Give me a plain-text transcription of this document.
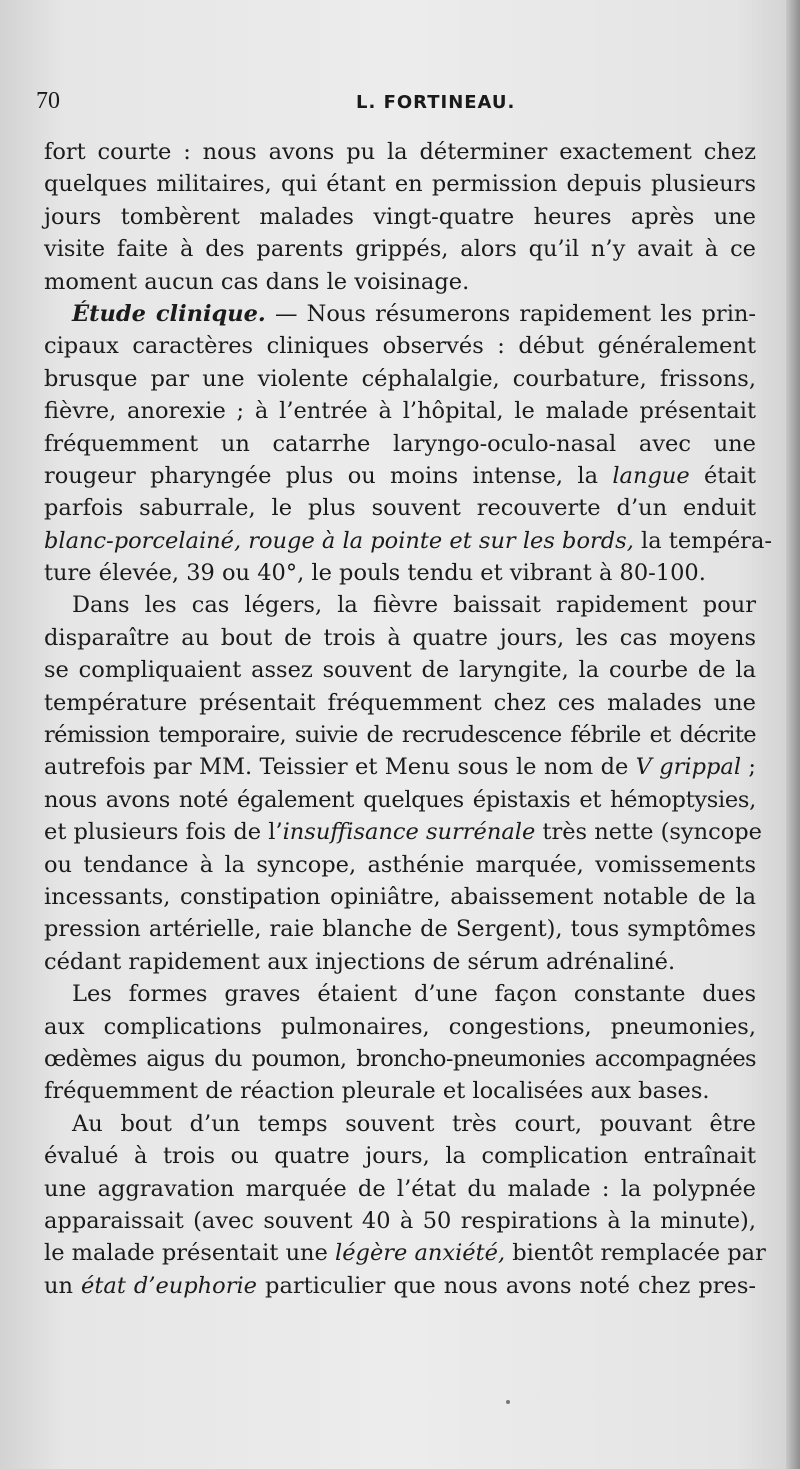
70	L. FORTINEAU.
fort courte : nous avons pu la déterminer exactement chez
quelques militaires, qui étant en permission depuis plusieurs
jours tombèrent malades vingt-quatre heures après une
visite faite à des parents grippés, alors qu’il n’y avait à ce
moment aucun cas dans le voisinage.
Étude clinique. — Nous résumerons rapidement les prin-
cipaux caractères cliniques observés : début généralement
brusque par une violente céphalalgie, courbature, frissons,
fièvre, anorexie ; à l’entrée à l’hôpital, le malade présentait
fréquemment un catarrhe laryngo-oculo-nasal avec une
rougeur pharyngée plus ou moins intense, la langue était
parfois saburrale, le plus souvent recouverte d’un enduit
blanc-porcelainé, rouge à la pointe et sur les bords, la tempéra-
ture élevée, 39 ou 40°, le pouls tendu et vibrant à 80-100.
Dans les cas légers, la fièvre baissait rapidement pour
disparaître au bout de trois à quatre jours, les cas moyens
se compliquaient assez souvent de laryngite, la courbe de la
température présentait fréquemment chez ces malades une
rémission temporaire, suivie de recrudescence fébrile et décrite
autrefois par MM. Teissier et Menu sous le nom de V grippal ;
nous avons noté également quelques épistaxis et hémoptysies,
et plusieurs fois de l’insuffisance surrénale très nette (syncope
ou tendance à la syncope, asthénie marquée, vomissements
incessants, constipation opiniâtre, abaissement notable de la
pression artérielle, raie blanche de Sergent), tous symptômes
cédant rapidement aux injections de sérum adrénaliné.
Les formes graves étaient d’une façon constante dues
aux complications pulmonaires, congestions, pneumonies,
œdèmes aigus du poumon, broncho-pneumonies accompagnées
fréquemment de réaction pleurale et localisées aux bases.
Au bout d’un temps souvent très court, pouvant être
évalué à trois ou quatre jours, la complication entraînait
une aggravation marquée de l’état du malade : la polypnée
apparaissait (avec souvent 40 à 50 respirations à la minute),
le malade présentait une légère anxiété, bientôt remplacée par
un état d’euphorie particulier que nous avons noté chez pres-
